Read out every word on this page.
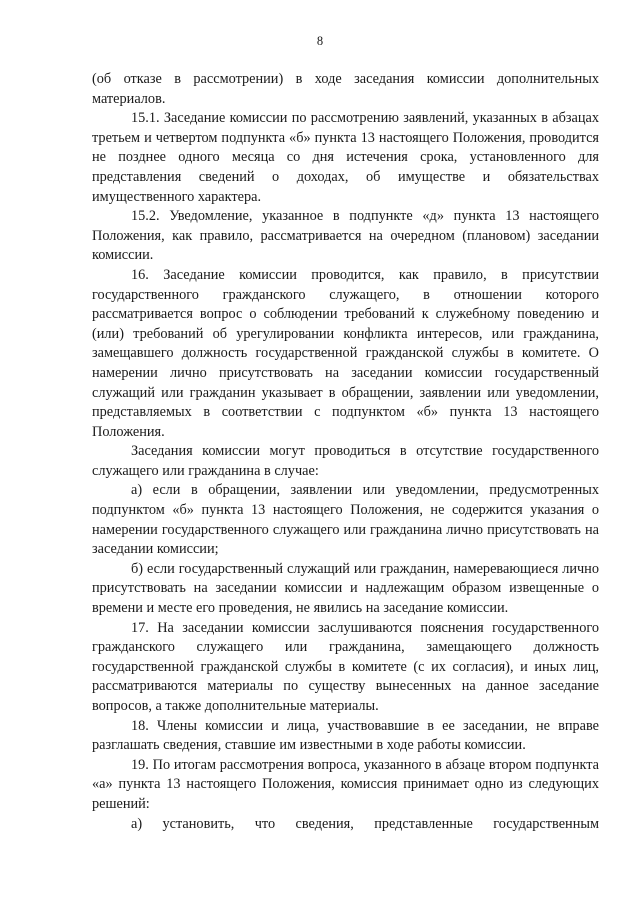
8

(об отказе в рассмотрении) в ходе заседания комиссии дополнительных материалов.

15.1. Заседание комиссии по рассмотрению заявлений, указанных в абзацах третьем и четвертом подпункта «б» пункта 13 настоящего Положения, проводится не позднее одного месяца со дня истечения срока, установленного для представления сведений о доходах, об имуществе и обязательствах имущественного характера.

15.2. Уведомление, указанное в подпункте «д» пункта 13 настоящего Положения, как правило, рассматривается на очередном (плановом) заседании комиссии.

16. Заседание комиссии проводится, как правило, в присутствии государственного гражданского служащего, в отношении которого рассматривается вопрос о соблюдении требований к служебному поведению и (или) требований об урегулировании конфликта интересов, или гражданина, замещавшего должность государственной гражданской службы в комитете. О намерении лично присутствовать на заседании комиссии государственный служащий или гражданин указывает в обращении, заявлении или уведомлении, представляемых в соответствии с подпунктом «б» пункта 13 настоящего Положения.

Заседания комиссии могут проводиться в отсутствие государственного служащего или гражданина в случае:

а) если в обращении, заявлении или уведомлении, предусмотренных подпунктом «б» пункта 13 настоящего Положения, не содержится указания о намерении государственного служащего или гражданина лично присутствовать на заседании комиссии;

б) если государственный служащий или гражданин, намеревающиеся лично присутствовать на заседании комиссии и надлежащим образом извещенные о времени и месте его проведения, не явились на заседание комиссии.

17. На заседании комиссии заслушиваются пояснения государственного гражданского служащего или гражданина, замещающего должность государственной гражданской службы в комитете (с их согласия), и иных лиц, рассматриваются материалы по существу вынесенных на данное заседание вопросов, а также дополнительные материалы.

18. Члены комиссии и лица, участвовавшие в ее заседании, не вправе разглашать сведения, ставшие им известными в ходе работы комиссии.

19. По итогам рассмотрения вопроса, указанного в абзаце втором подпункта «а» пункта 13 настоящего Положения, комиссия принимает одно из следующих решений:

а) установить, что сведения, представленные государственным
